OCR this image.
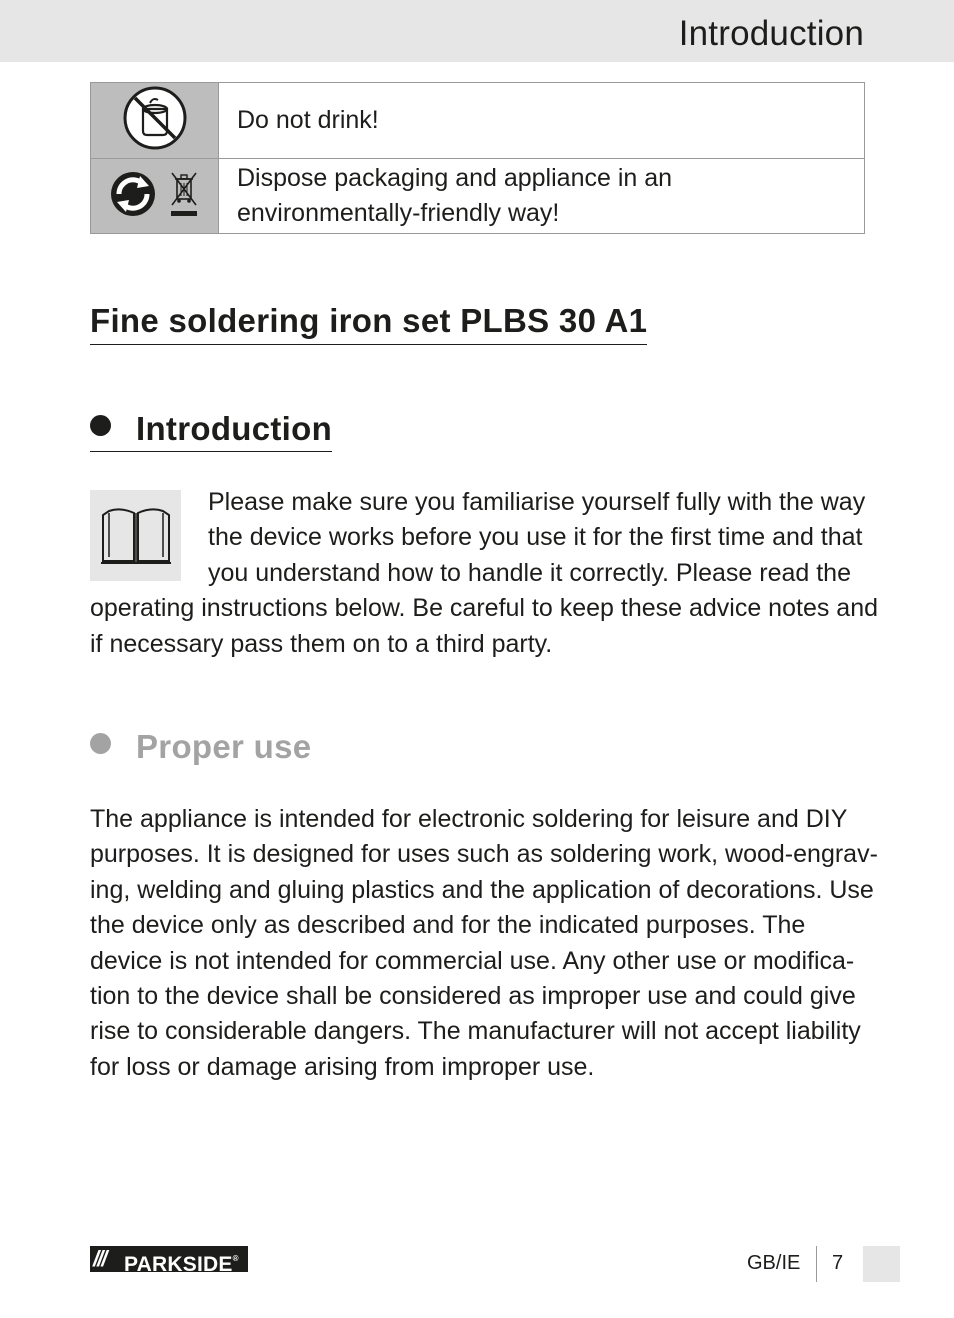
Introduction
	Do not drink!
	Dispose packaging and appliance in an environmentally-friendly way!
Fine soldering iron set PLBS 30 A1
Introduction

Please make sure you familiarise yourself fully with the way the device works before you use it for the first time and that you understand how to handle it correctly. Please read the operating instructions below. Be careful to keep these advice notes and if necessary pass them on to a third party.

Proper use

The appliance is intended for electronic soldering for leisure and DIY purposes. It is designed for uses such as soldering work, wood-engrav-ing, welding and gluing plastics and the application of decorations. Use the device only as described and for the indicated purposes. The device is not intended for commercial use. Any other use or modifica-tion to the device shall be considered as improper use and could give rise to considerable dangers. The manufacturer will not accept liability for loss or damage arising from improper use.

/// PARKSIDE®	GB/IE 7
